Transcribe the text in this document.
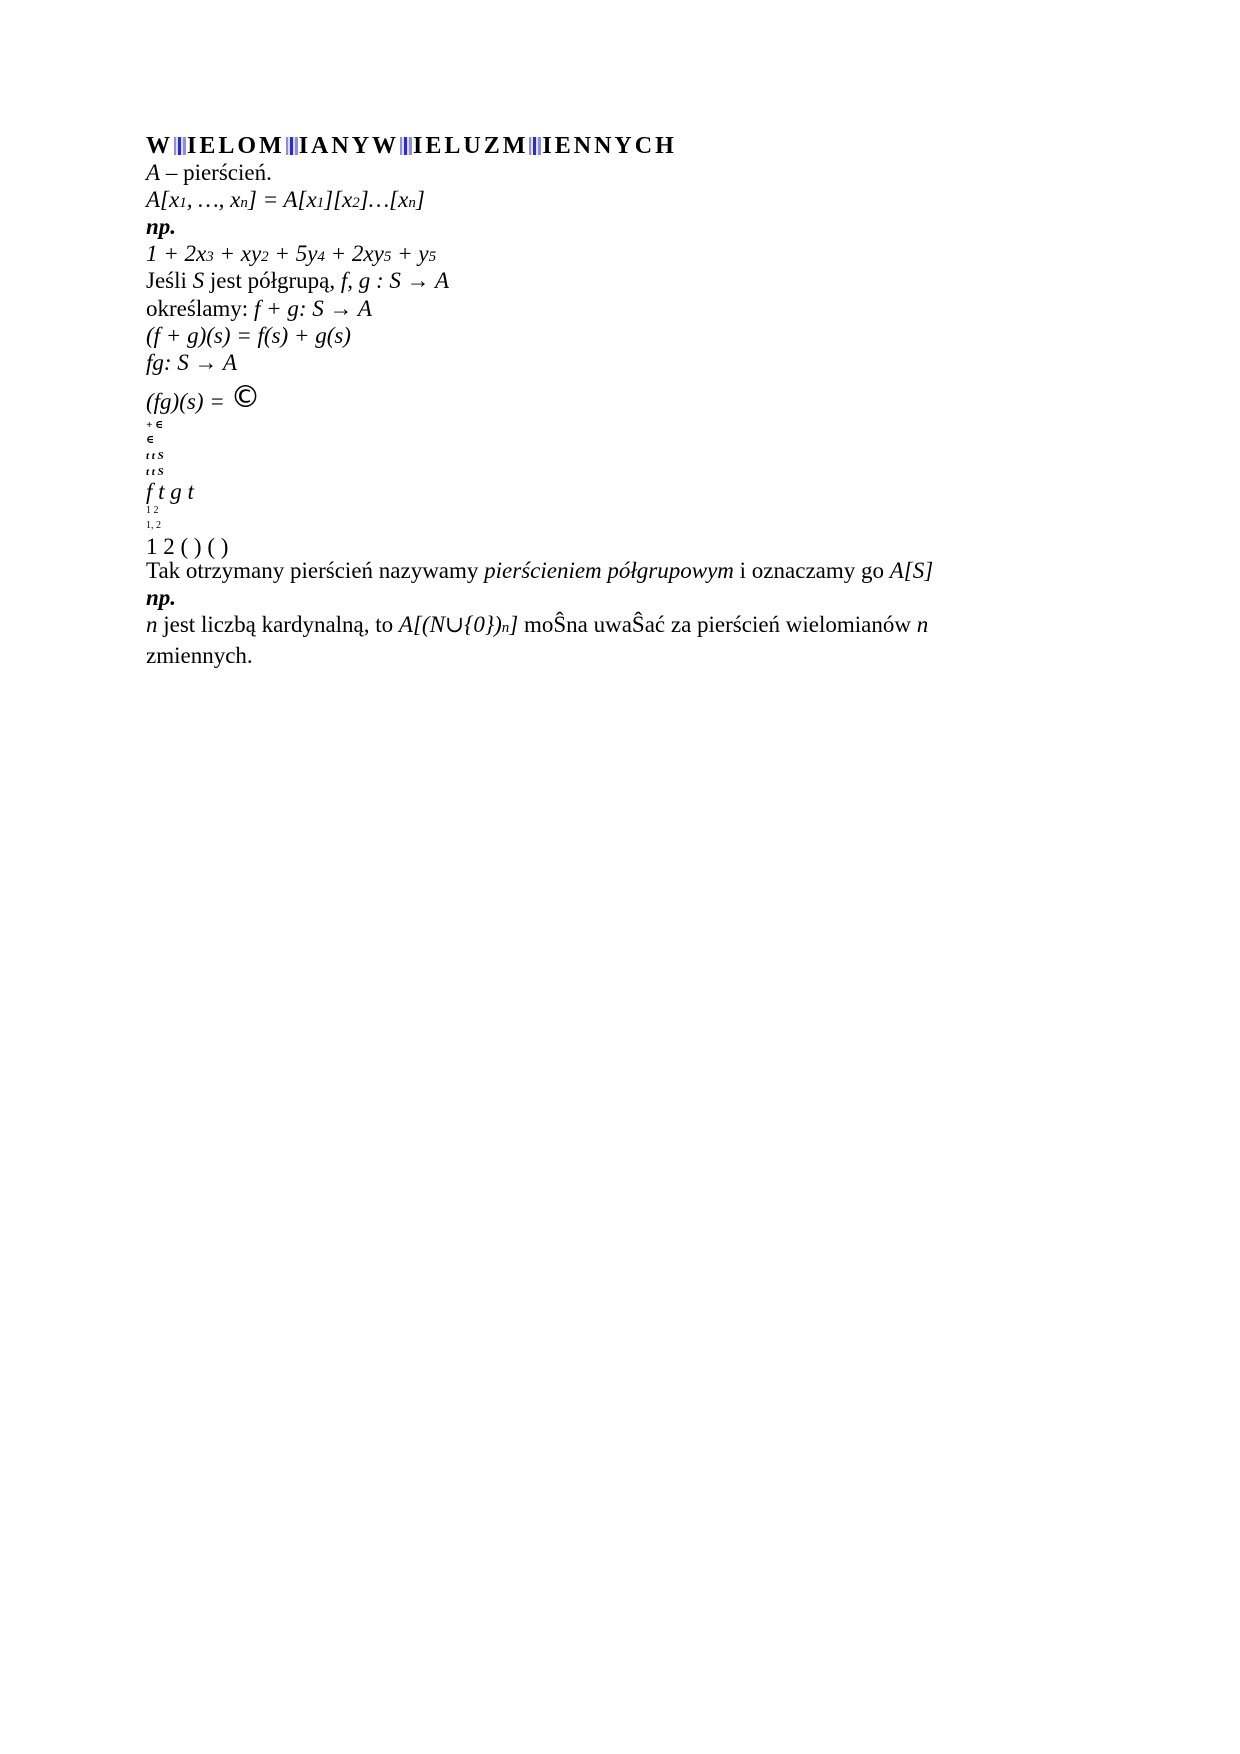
W IELOM IANYW IELUZM IENNYCH
A – pierścień.
A[x1, …, xn] = A[x1][x2]…[xn]
np.
1 + 2x3 + xy2 + 5y4 + 2xy5 + y5
Jeśli S jest półgrupą, f, g : S → A
określamy: f + g: S → A
(f + g)(s) = f(s) + g(s)
fg: S → A
(fg)(s) = ©
+ ∈
∈
t t S
t t S
f t g t
1 2
1, 2
1 2 ( ) ( )
Tak otrzymany pierścień nazywamy pierścieniem półgrupowym i oznaczamy go A[S]
np.
n jest liczbą kardynalną, to A[(N∪{0})n] moŜna uwaŜać za pierścień wielomianów n zmiennych.
